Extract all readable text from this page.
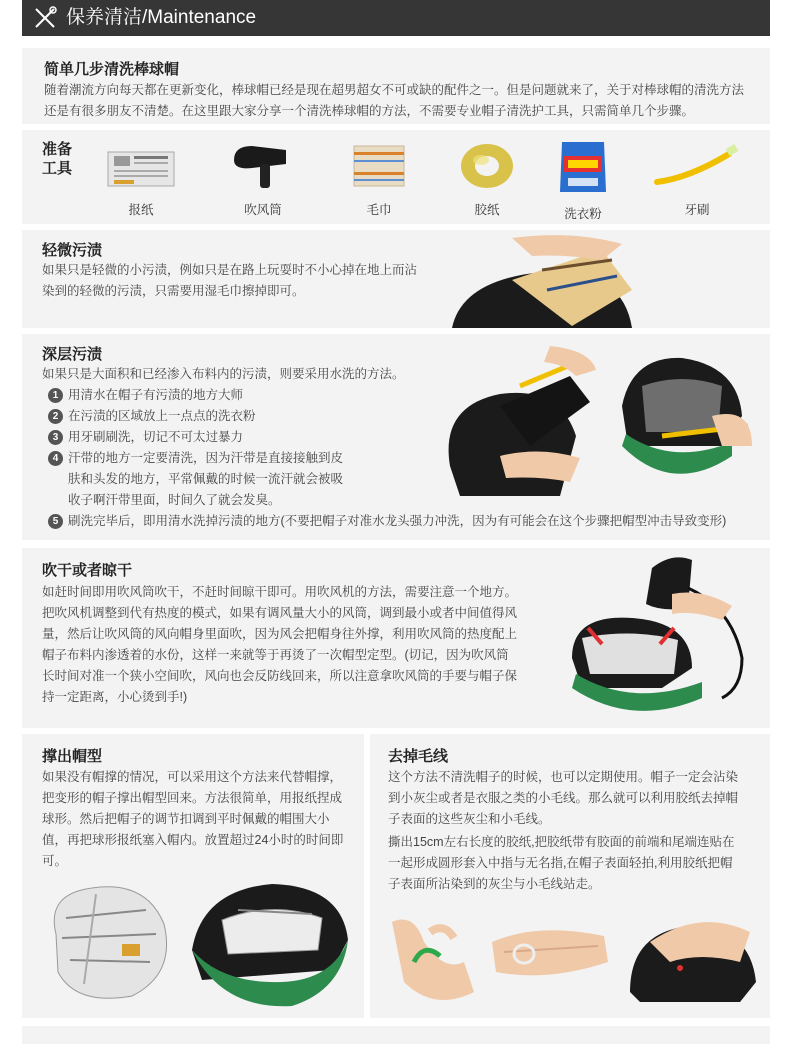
保养清洁/Maintenance
简单几步清洗棒球帽
随着潮流方向每天都在更新变化，棒球帽已经是现在超男超女不可或缺的配件之一。但是问题就来了，关于对棒球帽的清洗方法还是有很多朋友不清楚。在这里跟大家分享一个清洗棒球帽的方法，不需要专业帽子清洗护工具，只需简单几个步骤。
准备
工具
报纸	吹风筒	毛巾	胶纸	洗衣粉	牙刷
轻微污渍
如果只是轻微的小污渍，例如只是在路上玩耍时不小心掉在地上而沾染到的轻微的污渍，只需要用湿毛巾擦掉即可。
深层污渍
如果只是大面积和已经渗入布料内的污渍，则要采用水洗的方法。
1 用清水在帽子有污渍的地方大师
2 在污渍的区域放上一点点的洗衣粉
3 用牙刷刷洗，切记不可太过暴力
4 汗带的地方一定要清洗，因为汗带是直接接触到皮肤和头发的地方，平常佩戴的时候一流汗就会被吸收子啊汗带里面，时间久了就会发臭。
5 刷洗完毕后，即用清水洗掉污渍的地方(不要把帽子对准水龙头强力冲洗，因为有可能会在这个步骤把帽型冲击导致变形)
吹干或者晾干
如赶时间即用吹风筒吹干，不赶时间晾干即可。用吹风机的方法，需要注意一个地方。把吹风机调整到代有热度的模式，如果有调风量大小的风筒，调到最小或者中间值得风量，然后让吹风筒的风向帽身里面吹，因为风会把帽身往外撑，利用吹风筒的热度配上帽子布料内渗透着的水份，这样一来就等于再烫了一次帽型定型。(切记，因为吹风筒长时间对准一个狭小空间吹，风向也会反防线回来，所以注意拿吹风筒的手要与帽子保持一定距离，小心烫到手!)
撑出帽型
如果没有帽撑的情况，可以采用这个方法来代替帽撑，把变形的帽子撑出帽型回来。方法很简单，用报纸捏成球形。然后把帽子的调节扣调到平时佩戴的帽围大小值，再把球形报纸塞入帽内。放置超过24小时的时间即可。
去掉毛线
这个方法不清洗帽子的时候，也可以定期使用。帽子一定会沾染到小灰尘或者是衣服之类的小毛线。那么就可以利用胶纸去掉帽子表面的这些灰尘和小毛线。
撕出15cm左右长度的胶纸,把胶纸带有胶面的前端和尾端连贴在一起形成圆形套入中指与无名指,在帽子表面轻拍,利用胶纸把帽子表面所沾染到的灰尘与小毛线站走。
